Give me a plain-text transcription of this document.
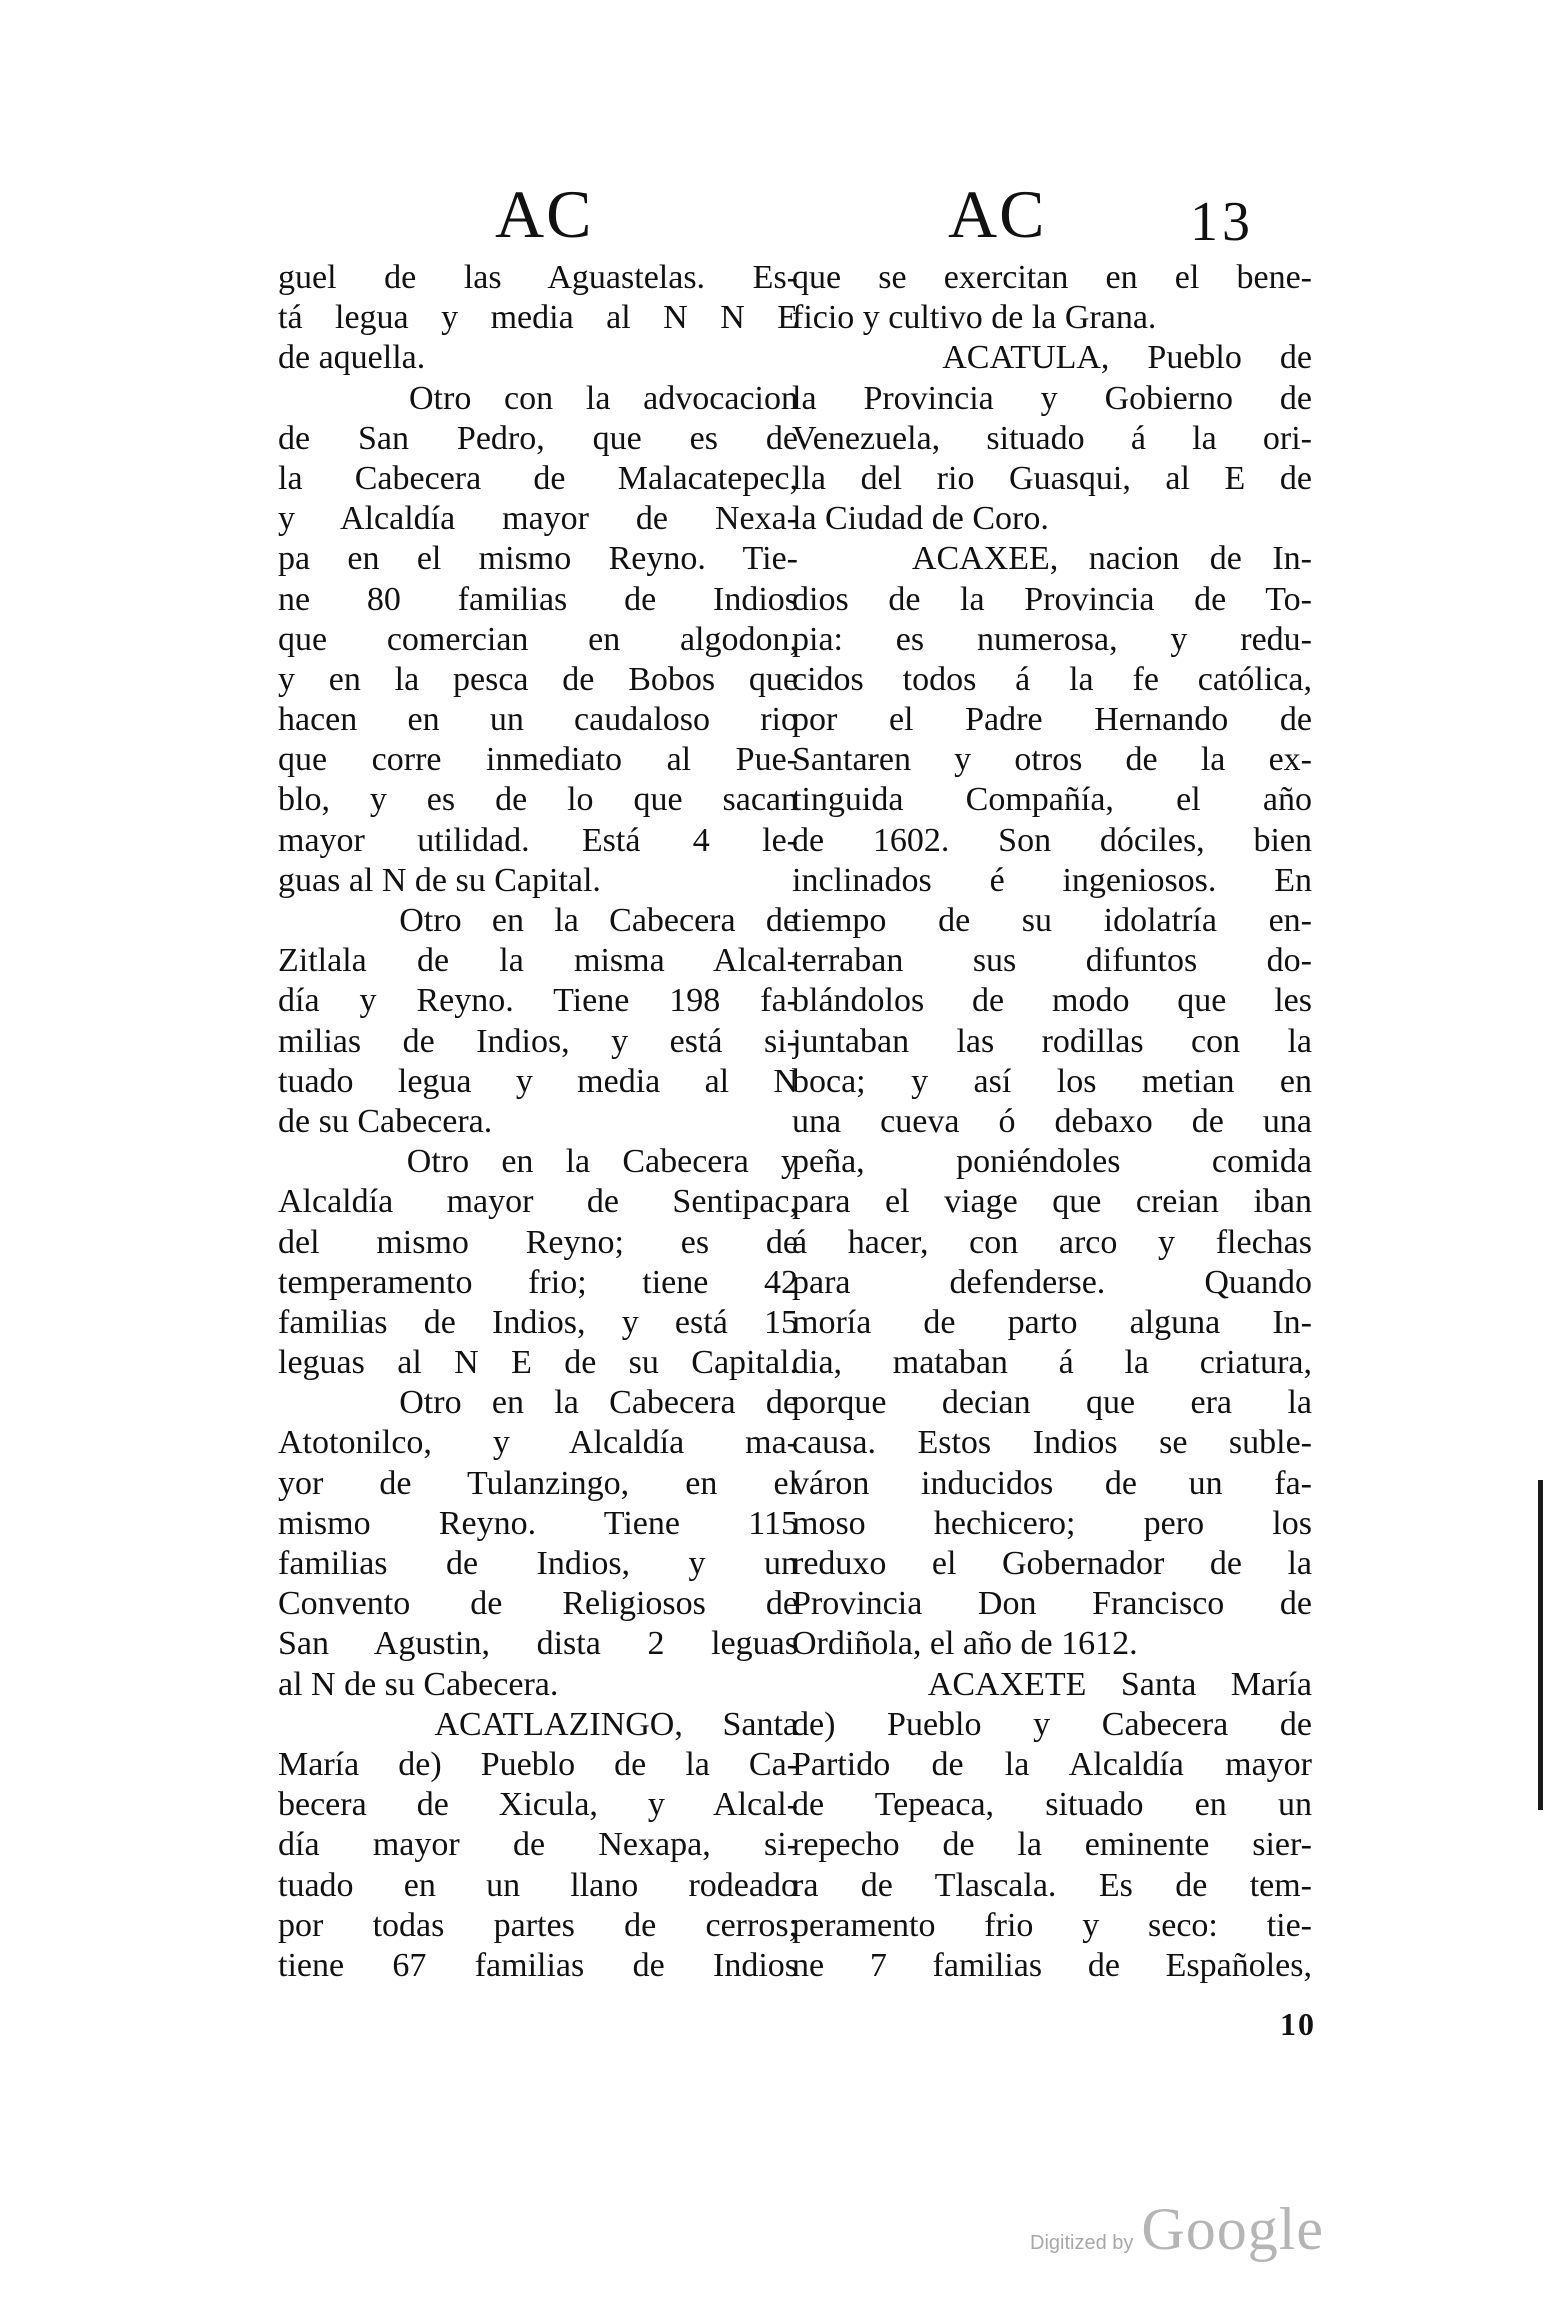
AC	AC	13
guel de las Aguastelas. Es-
tá legua y media al N N E
de aquella.
Otro con la advocacion
de San Pedro, que es de
la Cabecera de Malacatepec,
y Alcaldía mayor de Nexa-
pa en el mismo Reyno. Tie-
ne 80 familias de Indios
que comercian en algodon,
y en la pesca de Bobos que
hacen en un caudaloso rio
que corre inmediato al Pue-
blo, y es de lo que sacan
mayor utilidad. Está 4 le-
guas al N de su Capital.
Otro en la Cabecera de
Zitlala de la misma Alcal-
día y Reyno. Tiene 198 fa-
milias de Indios, y está si-
tuado legua y media al N
de su Cabecera.
Otro en la Cabecera y
Alcaldía mayor de Sentipac,
del mismo Reyno; es de
temperamento frio; tiene 42
familias de Indios, y está 15
leguas al N E de su Capital.
Otro en la Cabecera de
Atotonilco, y Alcaldía ma-
yor de Tulanzingo, en el
mismo Reyno. Tiene 115
familias de Indios, y un
Convento de Religiosos de
San Agustin, dista 2 leguas
al N de su Cabecera.
ACATLAZINGO, Santa
María de) Pueblo de la Ca-
becera de Xicula, y Alcal-
día mayor de Nexapa, si-
tuado en un llano rodeado
por todas partes de cerros;
tiene 67 familias de Indios
que se exercitan en el bene-
ficio y cultivo de la Grana.
ACATULA, Pueblo de
la Provincia y Gobierno de
Venezuela, situado á la ori-
lla del rio Guasqui, al E de
la Ciudad de Coro.
ACAXEE, nacion de In-
dios de la Provincia de To-
pia: es numerosa, y redu-
cidos todos á la fe católica,
por el Padre Hernando de
Santaren y otros de la ex-
tinguida Compañía, el año
de 1602. Son dóciles, bien
inclinados é ingeniosos. En
tiempo de su idolatría en-
terraban sus difuntos do-
blándolos de modo que les
juntaban las rodillas con la
boca; y así los metian en
una cueva ó debaxo de una
peña, poniéndoles comida
para el viage que creian iban
á hacer, con arco y flechas
para defenderse. Quando
moría de parto alguna In-
dia, mataban á la criatura,
porque decian que era la
causa. Estos Indios se suble-
váron inducidos de un fa-
moso hechicero; pero los
reduxo el Gobernador de la
Provincia Don Francisco de
Ordiñola, el año de 1612.
ACAXETE Santa María
de) Pueblo y Cabecera de
Partido de la Alcaldía mayor
de Tepeaca, situado en un
repecho de la eminente sier-
ra de Tlascala. Es de tem-
peramento frio y seco: tie-
ne 7 familias de Españoles,
10
Digitized by Google
